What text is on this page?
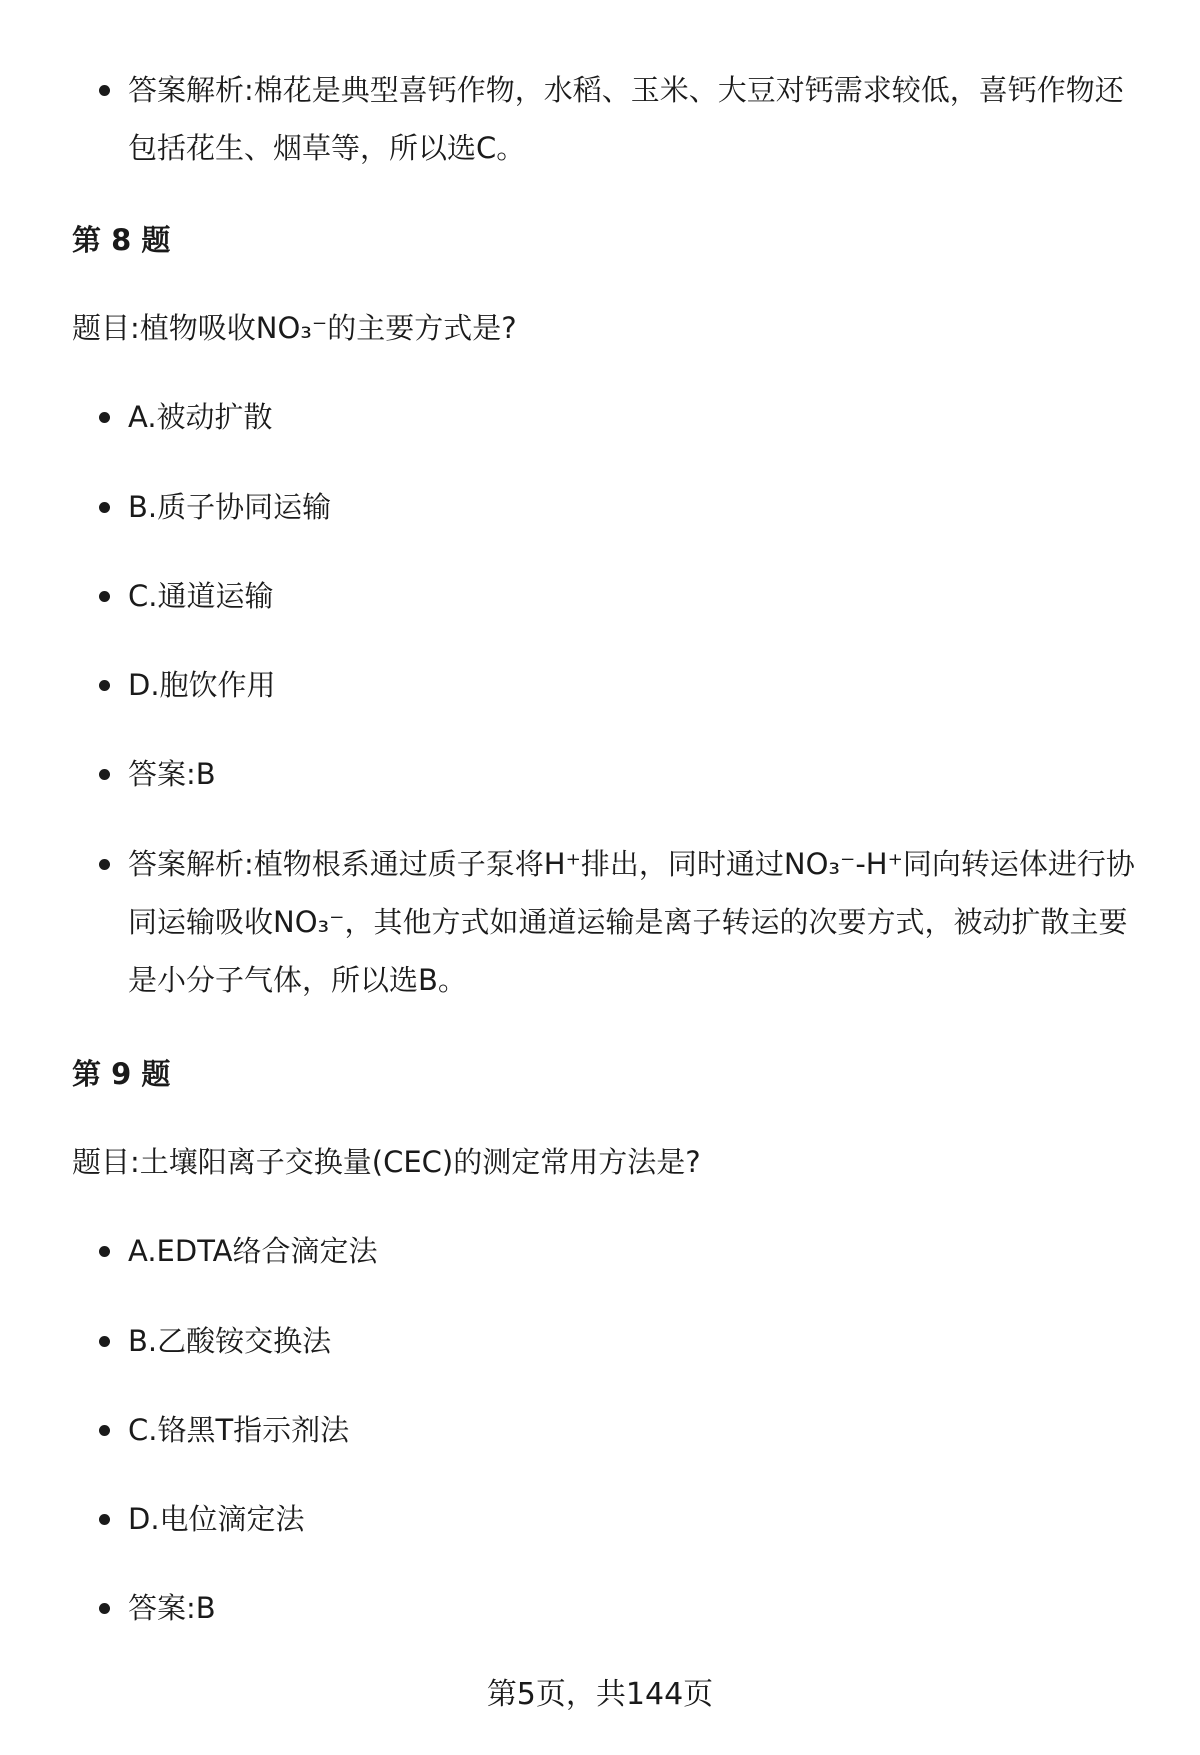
答案解析:棉花是典型喜钙作物，水稻、玉米、大豆对钙需求较低，喜钙作物还包括花生、烟草等，所以选C。
第 8 题
题目:植物吸收NO₃⁻的主要方式是?
A.被动扩散
B.质子协同运输
C.通道运输
D.胞饮作用
答案:B
答案解析:植物根系通过质子泵将H⁺排出，同时通过NO₃⁻-H⁺同向转运体进行协同运输吸收NO₃⁻，其他方式如通道运输是离子转运的次要方式，被动扩散主要是小分子气体，所以选B。
第 9 题
题目:土壤阳离子交换量(CEC)的测定常用方法是?
A.EDTA络合滴定法
B.乙酸铵交换法
C.铬黑T指示剂法
D.电位滴定法
答案:B
第5页，共144页
